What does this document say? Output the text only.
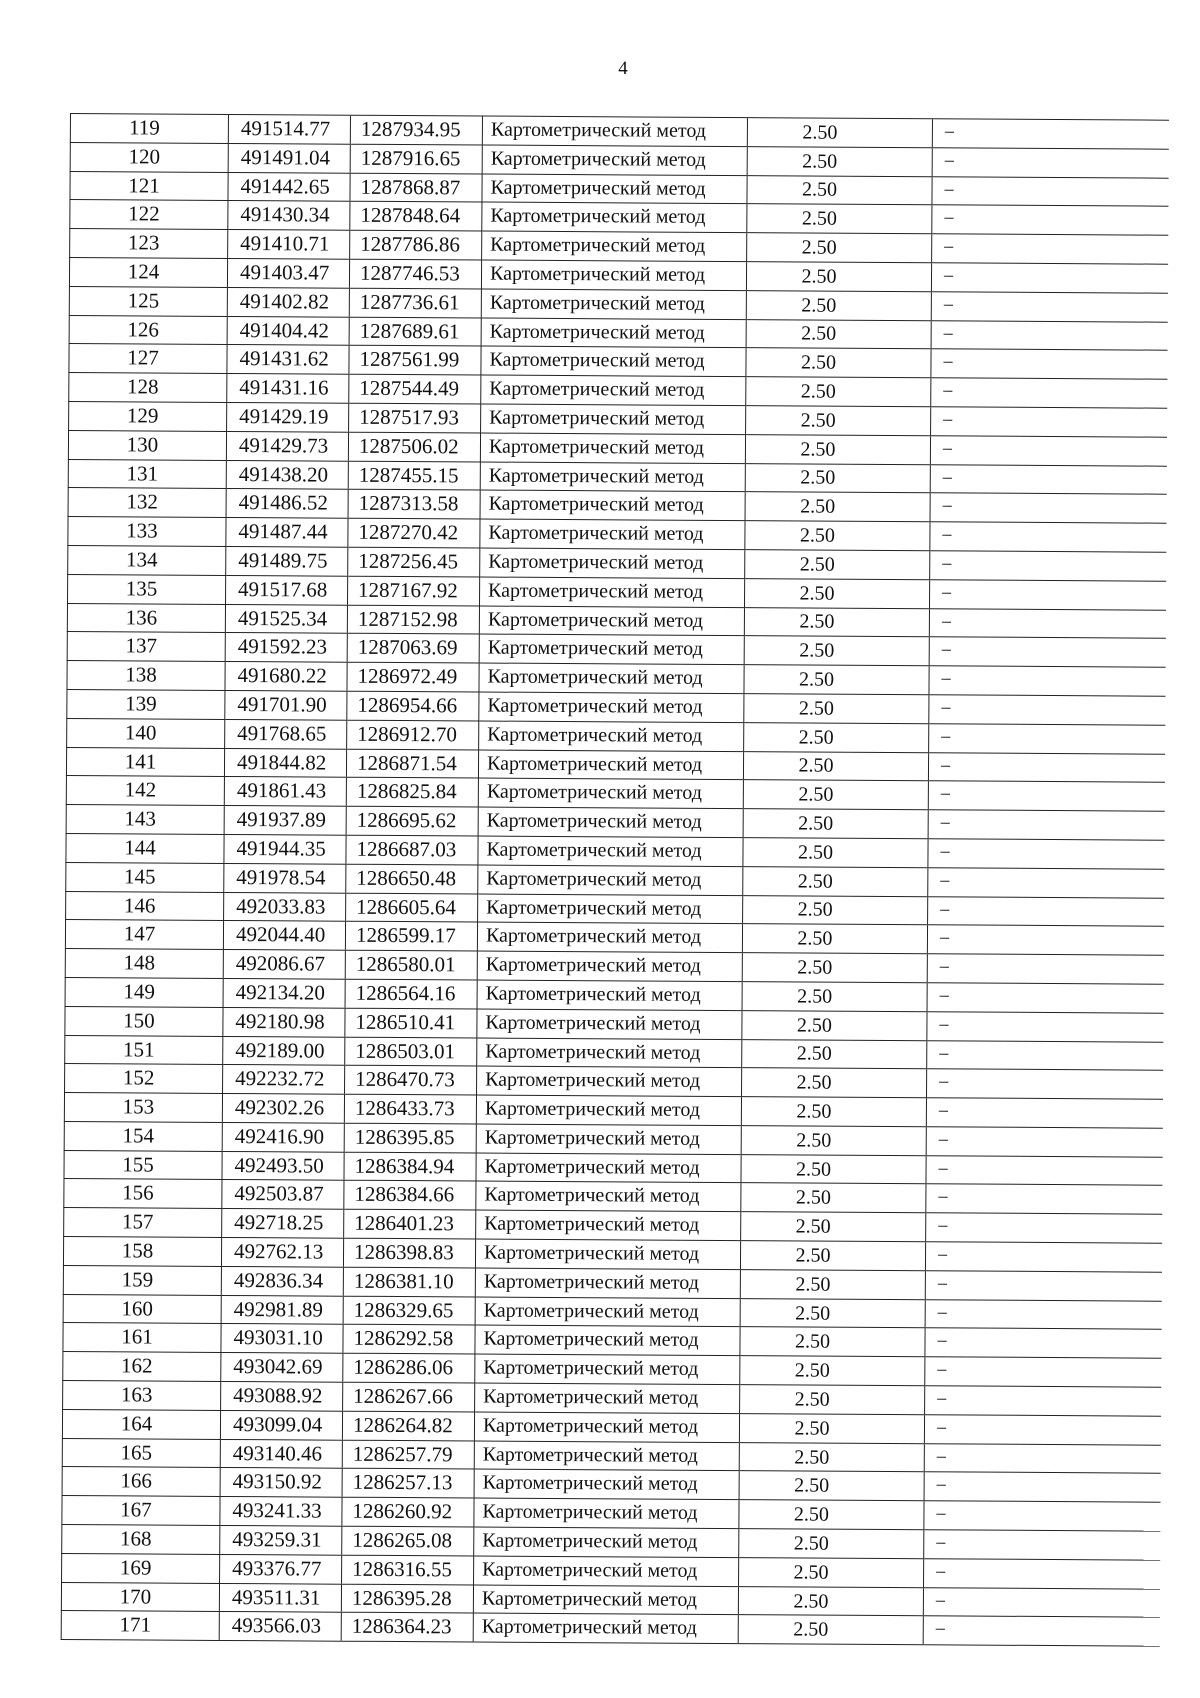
4
119	491514.77	1287934.95	Картометрический метод	2.50	–
120	491491.04	1287916.65	Картометрический метод	2.50	–
121	491442.65	1287868.87	Картометрический метод	2.50	–
122	491430.34	1287848.64	Картометрический метод	2.50	–
123	491410.71	1287786.86	Картометрический метод	2.50	–
124	491403.47	1287746.53	Картометрический метод	2.50	–
125	491402.82	1287736.61	Картометрический метод	2.50	–
126	491404.42	1287689.61	Картометрический метод	2.50	–
127	491431.62	1287561.99	Картометрический метод	2.50	–
128	491431.16	1287544.49	Картометрический метод	2.50	–
129	491429.19	1287517.93	Картометрический метод	2.50	–
130	491429.73	1287506.02	Картометрический метод	2.50	–
131	491438.20	1287455.15	Картометрический метод	2.50	–
132	491486.52	1287313.58	Картометрический метод	2.50	–
133	491487.44	1287270.42	Картометрический метод	2.50	–
134	491489.75	1287256.45	Картометрический метод	2.50	–
135	491517.68	1287167.92	Картометрический метод	2.50	–
136	491525.34	1287152.98	Картометрический метод	2.50	–
137	491592.23	1287063.69	Картометрический метод	2.50	–
138	491680.22	1286972.49	Картометрический метод	2.50	–
139	491701.90	1286954.66	Картометрический метод	2.50	–
140	491768.65	1286912.70	Картометрический метод	2.50	–
141	491844.82	1286871.54	Картометрический метод	2.50	–
142	491861.43	1286825.84	Картометрический метод	2.50	–
143	491937.89	1286695.62	Картометрический метод	2.50	–
144	491944.35	1286687.03	Картометрический метод	2.50	–
145	491978.54	1286650.48	Картометрический метод	2.50	–
146	492033.83	1286605.64	Картометрический метод	2.50	–
147	492044.40	1286599.17	Картометрический метод	2.50	–
148	492086.67	1286580.01	Картометрический метод	2.50	–
149	492134.20	1286564.16	Картометрический метод	2.50	–
150	492180.98	1286510.41	Картометрический метод	2.50	–
151	492189.00	1286503.01	Картометрический метод	2.50	–
152	492232.72	1286470.73	Картометрический метод	2.50	–
153	492302.26	1286433.73	Картометрический метод	2.50	–
154	492416.90	1286395.85	Картометрический метод	2.50	–
155	492493.50	1286384.94	Картометрический метод	2.50	–
156	492503.87	1286384.66	Картометрический метод	2.50	–
157	492718.25	1286401.23	Картометрический метод	2.50	–
158	492762.13	1286398.83	Картометрический метод	2.50	–
159	492836.34	1286381.10	Картометрический метод	2.50	–
160	492981.89	1286329.65	Картометрический метод	2.50	–
161	493031.10	1286292.58	Картометрический метод	2.50	–
162	493042.69	1286286.06	Картометрический метод	2.50	–
163	493088.92	1286267.66	Картометрический метод	2.50	–
164	493099.04	1286264.82	Картометрический метод	2.50	–
165	493140.46	1286257.79	Картометрический метод	2.50	–
166	493150.92	1286257.13	Картометрический метод	2.50	–
167	493241.33	1286260.92	Картометрический метод	2.50	–
168	493259.31	1286265.08	Картометрический метод	2.50	–
169	493376.77	1286316.55	Картометрический метод	2.50	–
170	493511.31	1286395.28	Картометрический метод	2.50	–
171	493566.03	1286364.23	Картометрический метод	2.50	–
